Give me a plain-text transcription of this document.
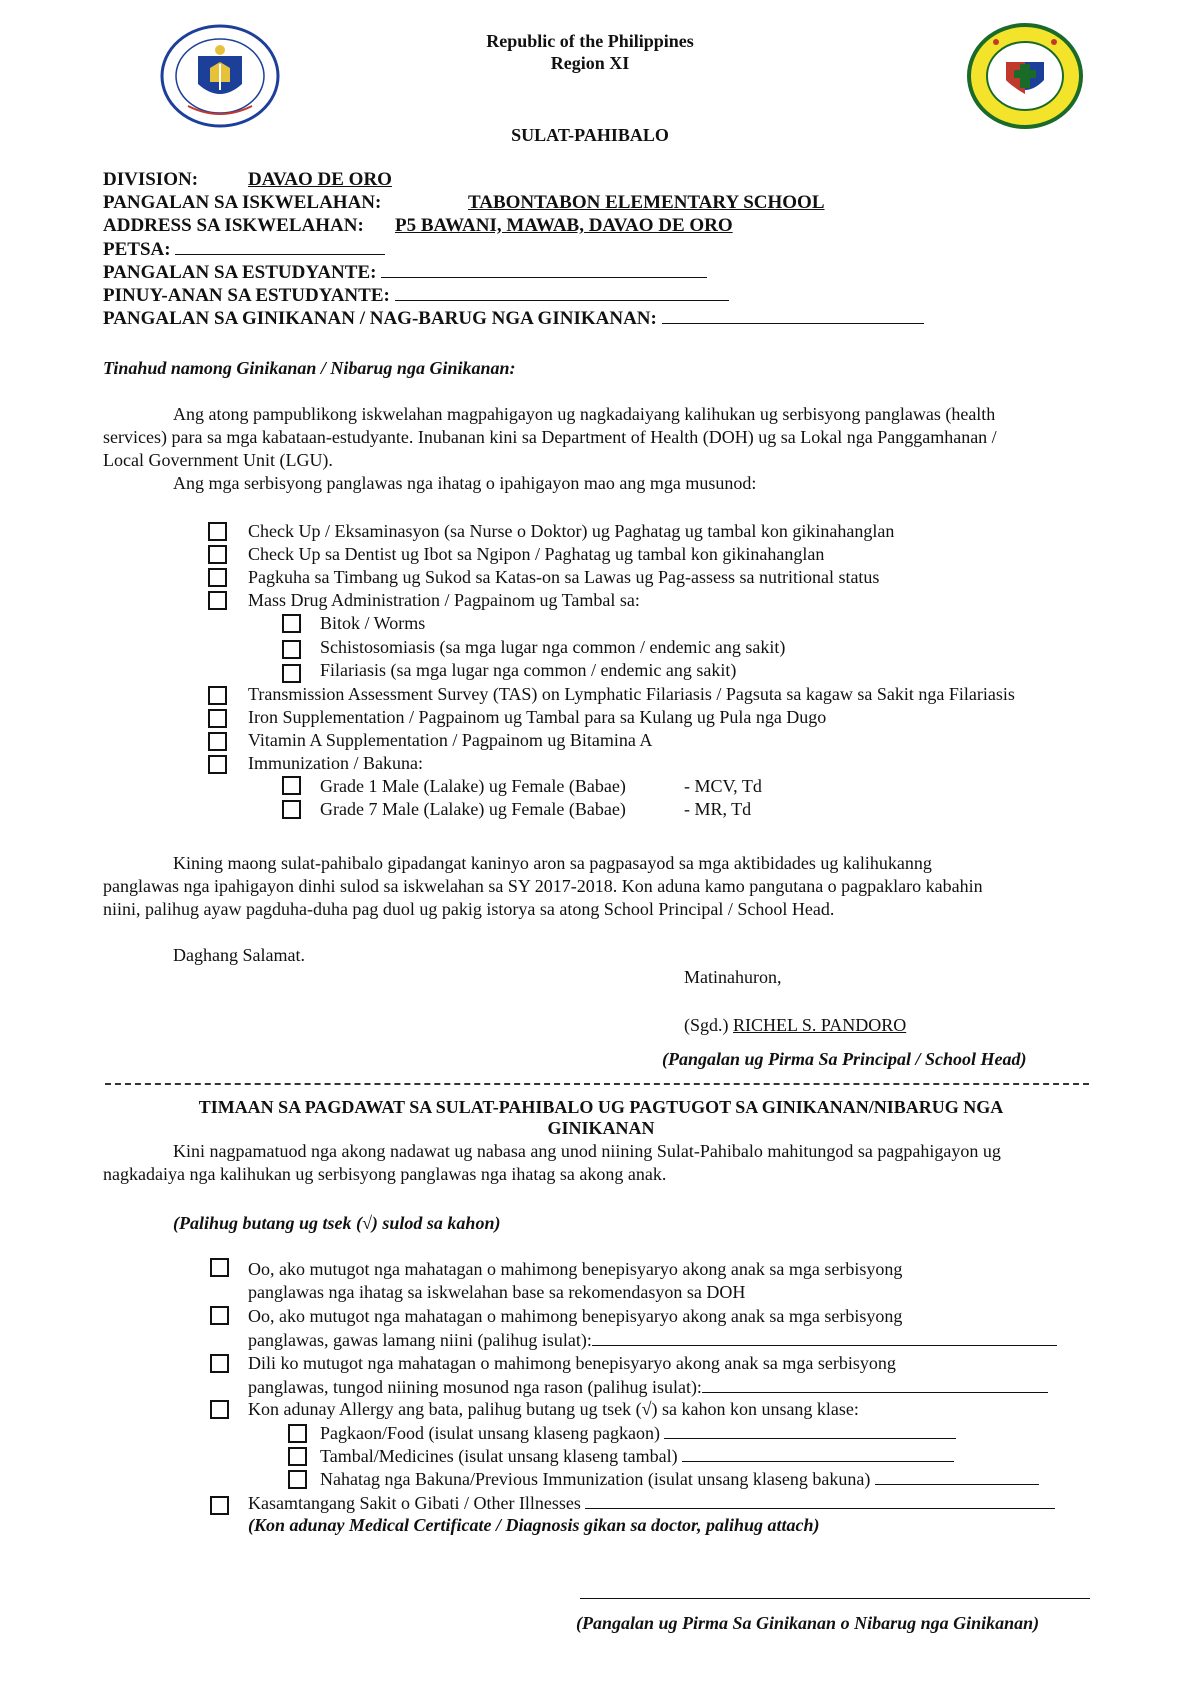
Republic of the Philippines
Region XI
SULAT-PAHIBALO
DIVISION:	DAVAO DE ORO
PANGALAN SA ISKWELAHAN:	TABONTABON ELEMENTARY SCHOOL
ADDRESS SA ISKWELAHAN: P5 BAWANI, MAWAB, DAVAO DE ORO
PETSA:
PANGALAN SA ESTUDYANTE:
PINUY-ANAN SA ESTUDYANTE:
PANGALAN SA GINIKANAN / NAG-BARUG NGA GINIKANAN:
Tinahud namong Ginikanan / Nibarug nga Ginikanan:
Ang atong pampublikong iskwelahan magpahigayon ug nagkadaiyang kalihukan ug serbisyong panglawas (health
services) para sa mga kabataan-estudyante. Inubanan kini sa Department of Health (DOH) ug sa Lokal nga Panggamhanan /
Local Government Unit (LGU).
Ang mga serbisyong panglawas nga ihatag o ipahigayon mao ang mga musunod:
Check Up / Eksaminasyon (sa Nurse o Doktor) ug Paghatag ug tambal kon gikinahanglan
Check Up sa Dentist ug Ibot sa Ngipon / Paghatag ug tambal kon gikinahanglan
Pagkuha sa Timbang ug Sukod sa Katas-on sa Lawas ug Pag-assess sa nutritional status
Mass Drug Administration / Pagpainom ug Tambal sa:
Bitok / Worms
Schistosomiasis (sa mga lugar nga common / endemic ang sakit)
Filariasis (sa mga lugar nga common / endemic ang sakit)
Transmission Assessment Survey (TAS) on Lymphatic Filariasis / Pagsuta sa kagaw sa Sakit nga Filariasis
Iron Supplementation / Pagpainom ug Tambal para sa Kulang ug Pula nga Dugo
Vitamin A Supplementation / Pagpainom ug Bitamina A
Immunization / Bakuna:
Grade 1 Male (Lalake) ug Female (Babae)	- MCV, Td
Grade 7 Male (Lalake) ug Female (Babae)	- MR, Td
Kining maong sulat-pahibalo gipadangat kaninyo aron sa pagpasayod sa mga aktibidades ug kalihukanng
panglawas nga ipahigayon dinhi sulod sa iskwelahan sa SY 2017-2018. Kon aduna kamo pangutana o pagpaklaro kabahin
niini, palihug ayaw pagduha-duha pag duol ug pakig istorya sa atong School Principal / School Head.
Daghang Salamat.
Matinahuron,
(Sgd.) RICHEL S. PANDORO
(Pangalan ug Pirma Sa Principal / School Head)
TIMAAN SA PAGDAWAT SA SULAT-PAHIBALO UG PAGTUGOT SA GINIKANAN/NIBARUG NGA
GINIKANAN
Kini nagpamatuod nga akong nadawat ug nabasa ang unod niining Sulat-Pahibalo mahitungod sa pagpahigayon ug
nagkadaiya nga kalihukan ug serbisyong panglawas nga ihatag sa akong anak.
(Palihug butang ug tsek (√) sulod sa kahon)
Oo, ako mutugot nga mahatagan o mahimong benepisyaryo akong anak sa mga serbisyong
panglawas nga ihatag sa iskwelahan base sa rekomendasyon sa DOH
Oo, ako mutugot nga mahatagan o mahimong benepisyaryo akong anak sa mga serbisyong
panglawas, gawas lamang niini (palihug isulat):
Dili ko mutugot nga mahatagan o mahimong benepisyaryo akong anak sa mga serbisyong
panglawas, tungod niining mosunod nga rason (palihug isulat):
Kon adunay Allergy ang bata, palihug butang ug tsek (√) sa kahon kon unsang klase:
Pagkaon/Food (isulat unsang klaseng pagkaon)
Tambal/Medicines (isulat unsang klaseng tambal)
Nahatag nga Bakuna/Previous Immunization (isulat unsang klaseng bakuna)
Kasamtangang Sakit o Gibati / Other Illnesses
(Kon adunay Medical Certificate / Diagnosis gikan sa doctor, palihug attach)
(Pangalan ug Pirma Sa Ginikanan o Nibarug nga Ginikanan)
